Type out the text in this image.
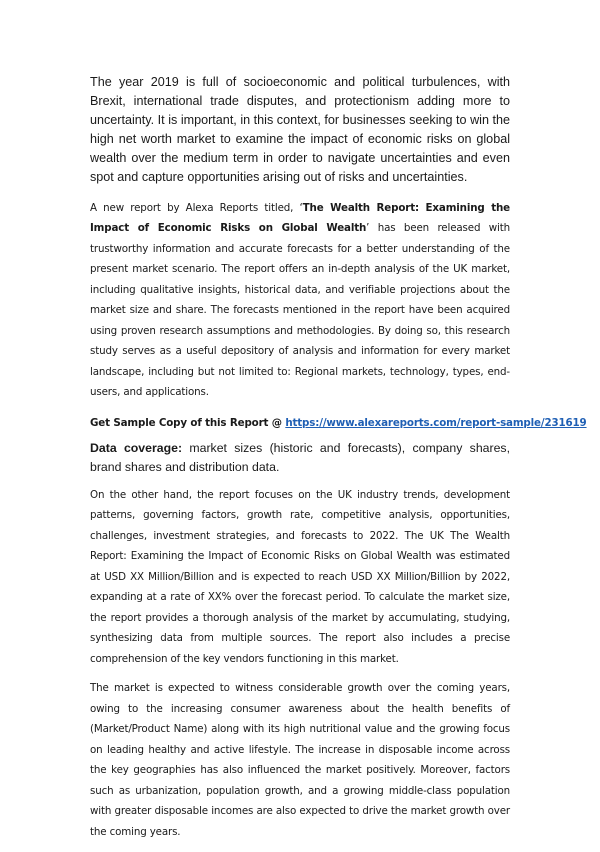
The year 2019 is full of socioeconomic and political turbulences, with Brexit, international trade disputes, and protectionism adding more to uncertainty. It is important, in this context, for businesses seeking to win the high net worth market to examine the impact of economic risks on global wealth over the medium term in order to navigate uncertainties and even spot and capture opportunities arising out of risks and uncertainties.

A new report by Alexa Reports titled, ‘The Wealth Report: Examining the Impact of Economic Risks on Global Wealth’ has been released with trustworthy information and accurate forecasts for a better understanding of the present market scenario. The report offers an in-depth analysis of the UK market, including qualitative insights, historical data, and verifiable projections about the market size and share. The forecasts mentioned in the report have been acquired using proven research assumptions and methodologies. By doing so, this research study serves as a useful depository of analysis and information for every market landscape, including but not limited to: Regional markets, technology, types, end-users, and applications.

Get Sample Copy of this Report @ https://www.alexareports.com/report-sample/231619

Data coverage: market sizes (historic and forecasts), company shares, brand shares and distribution data.

On the other hand, the report focuses on the UK industry trends, development patterns, governing factors, growth rate, competitive analysis, opportunities, challenges, investment strategies, and forecasts to 2022. The UK The Wealth Report: Examining the Impact of Economic Risks on Global Wealth was estimated at USD XX Million/Billion and is expected to reach USD XX Million/Billion by 2022, expanding at a rate of XX% over the forecast period. To calculate the market size, the report provides a thorough analysis of the market by accumulating, studying, synthesizing data from multiple sources. The report also includes a precise comprehension of the key vendors functioning in this market.

The market is expected to witness considerable growth over the coming years, owing to the increasing consumer awareness about the health benefits of (Market/Product Name) along with its high nutritional value and the growing focus on leading healthy and active lifestyle. The increase in disposable income across the key geographies has also influenced the market positively. Moreover, factors such as urbanization, population growth, and a growing middle-class population with greater disposable incomes are also expected to drive the market growth over the coming years.
